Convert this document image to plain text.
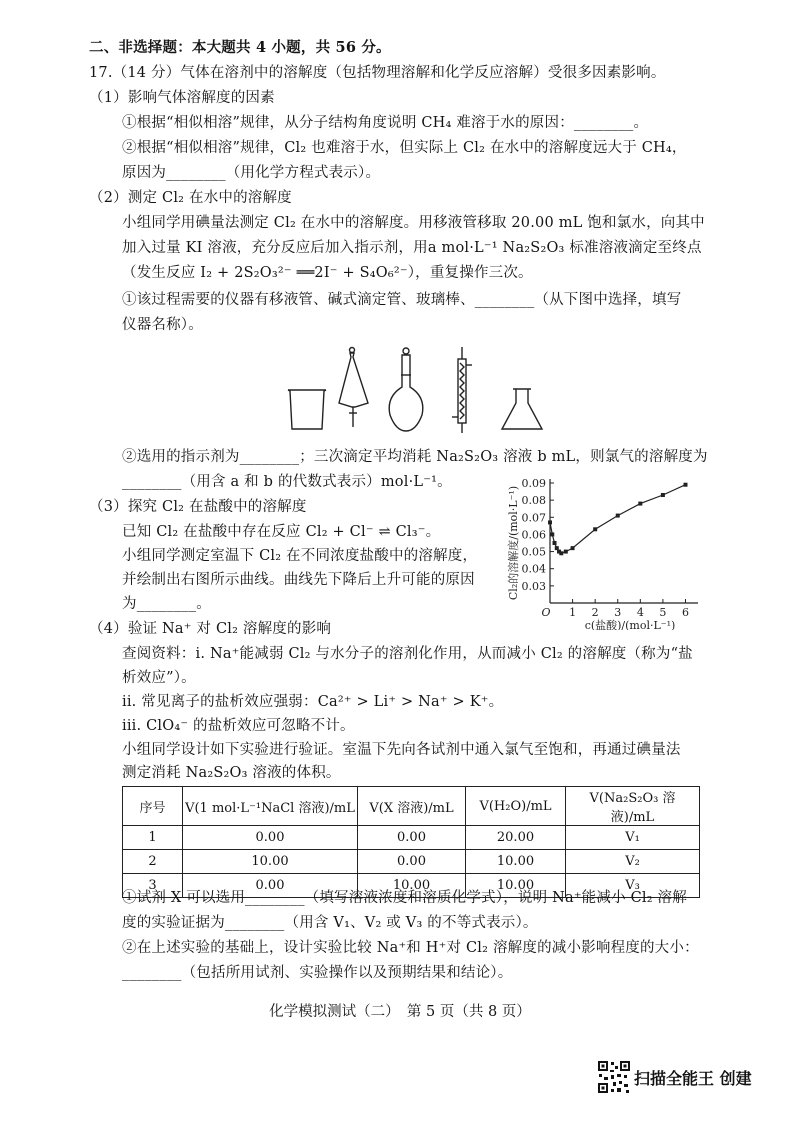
二、非选择题：本大题共 4 小题，共 56 分。
17.（14 分）气体在溶剂中的溶解度（包括物理溶解和化学反应溶解）受很多因素影响。
（1）影响气体溶解度的因素
①根据“相似相溶”规律，从分子结构角度说明 CH₄ 难溶于水的原因：________。
②根据“相似相溶”规律，Cl₂ 也难溶于水，但实际上 Cl₂ 在水中的溶解度远大于 CH₄，
原因为________（用化学方程式表示）。
（2）测定 Cl₂ 在水中的溶解度
小组同学用碘量法测定 Cl₂ 在水中的溶解度。用移液管移取 20.00 mL 饱和氯水，向其中
加入过量 KI 溶液，充分反应后加入指示剂，用a mol·L⁻¹ Na₂S₂O₃ 标准溶液滴定至终点
（发生反应 I₂ + 2S₂O₃²⁻ ══2I⁻ + S₄O₆²⁻），重复操作三次。
①该过程需要的仪器有移液管、碱式滴定管、玻璃棒、________（从下图中选择，填写
仪器名称）。
②选用的指示剂为________；三次滴定平均消耗 Na₂S₂O₃ 溶液 b mL，则氯气的溶解度为
________（用含 a 和 b 的代数式表示）mol·L⁻¹。
（3）探究 Cl₂ 在盐酸中的溶解度
已知 Cl₂ 在盐酸中存在反应 Cl₂ + Cl⁻ ⇌ Cl₃⁻。
小组同学测定室温下 Cl₂ 在不同浓度盐酸中的溶解度，
并绘制出右图所示曲线。曲线先下降后上升可能的原因
为________。
0.03
0.04
0.05
0.06
0.07
0.08
0.09
1 2 3 4 5 6
O
c(盐酸)/(mol·L⁻¹)
Cl₂的溶解度/(mol·L⁻¹)
（4）验证 Na⁺ 对 Cl₂ 溶解度的影响
查阅资料：i. Na⁺能减弱 Cl₂ 与水分子的溶剂化作用，从而减小 Cl₂ 的溶解度（称为“盐
析效应”）。
ii. 常见离子的盐析效应强弱：Ca²⁺ > Li⁺ > Na⁺ > K⁺。
iii. ClO₄⁻ 的盐析效应可忽略不计。
小组同学设计如下实验进行验证。室温下先向各试剂中通入氯气至饱和，再通过碘量法
测定消耗 Na₂S₂O₃ 溶液的体积。
序号	V(1 mol·L⁻¹NaCl 溶液)/mL	V(X 溶液)/mL	V(H₂O)/mL	V(Na₂S₂O₃ 溶液)/mL
1	0.00	0.00	20.00	V₁
2	10.00	0.00	10.00	V₂
3	0.00	10.00	10.00	V₃
①试剂 X 可以选用________（填写溶液浓度和溶质化学式），说明 Na⁺能减小 Cl₂ 溶解
度的实验证据为________（用含 V₁、V₂ 或 V₃ 的不等式表示）。
②在上述实验的基础上，设计实验比较 Na⁺和 H⁺对 Cl₂ 溶解度的减小影响程度的大小：
________（包括所用试剂、实验操作以及预期结果和结论）。
化学模拟测试（二）　第 5 页（共 8 页）
扫描全能王 创建
